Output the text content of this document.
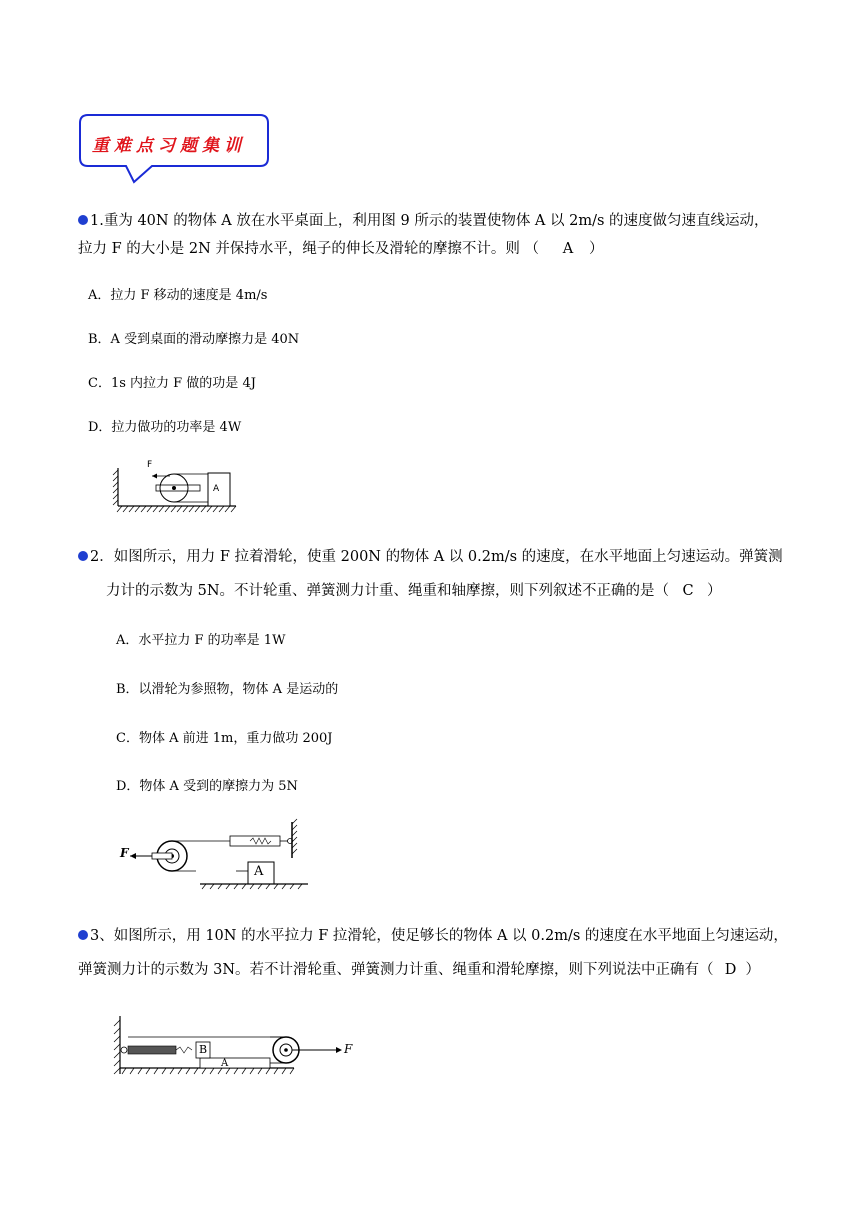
重难点习题集训
1.重为 40N 的物体 A 放在水平桌面上，利用图 9 所示的装置使物体 A 以 2m/s 的速度做匀速直线运动，
拉力 F 的大小是 2N 并保持水平，绳子的伸长及滑轮的摩擦不计。则 （ A ）
A．拉力 F 移动的速度是 4m/s
B．A 受到桌面的滑动摩擦力是 40N
C．1s 内拉力 F 做的功是 4J
D．拉力做功的功率是 4W
F
A
2．如图所示，用力 F 拉着滑轮，使重 200N 的物体 A 以 0.2m/s 的速度，在水平地面上匀速运动。弹簧测
力计的示数为 5N。不计轮重、弹簧测力计重、绳重和轴摩擦，则下列叙述不正确的是（ C ）
A．水平拉力 F 的功率是 1W
B．以滑轮为参照物，物体 A 是运动的
C．物体 A 前进 1m，重力做功 200J
D．物体 A 受到的摩擦力为 5N
F
A
3、如图所示，用 10N 的水平拉力 F 拉滑轮，使足够长的物体 A 以 0.2m/s 的速度在水平地面上匀速运动，
弹簧测力计的示数为 3N。若不计滑轮重、弹簧测力计重、绳重和滑轮摩擦，则下列说法中正确有（ D ）
B
A
F
